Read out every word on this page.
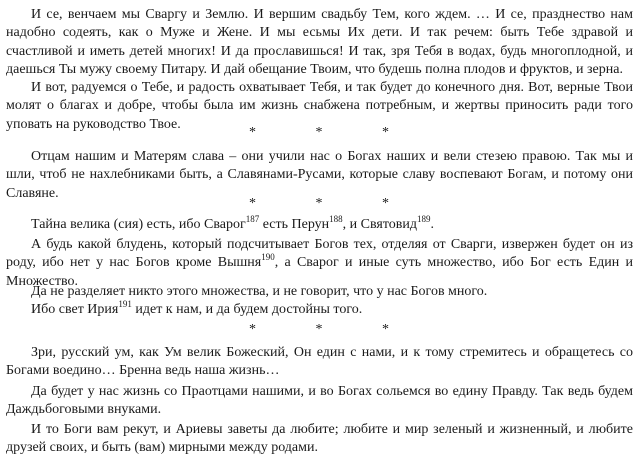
И се, венчаем мы Сваргу и Землю. И вершим свадьбу Тем, кого ждем. … И се, празднество нам надобно содеять, как о Муже и Жене. И мы есьмы Их дети. И так речем: быть Тебе здравой и счастливой и иметь детей многих! И да прославишься! И так, зря Тебя в водах, будь многоплодной, и даешься Ты мужу своему Питару. И дай обещание Твоим, что будешь полна плодов и фруктов, и зерна.

И вот, радуемся о Тебе, и радость охватывает Тебя, и так будет до конечного дня. Вот, верные Твои молят о благах и добре, чтобы была им жизнь снабжена потребным, и жертвы приносить ради того уповать на руководство Твое.

* * *

Отцам нашим и Матерям слава – они учили нас о Богах наших и вели стезею правою. Так мы и шли, чтоб не нахлебниками быть, а Славянами-Русами, которые славу воспевают Богам, и потому они Славяне.

* * *

Тайна велика (сия) есть, ибо Сварог$^{187}$ есть Перун$^{188}$, и Святовид$^{189}$.

А будь какой блудень, который подсчитывает Богов тех, отделяя от Сварги, извержен будет он из роду, ибо нет у нас Богов кроме Вышня$^{190}$, а Сварог и иные суть множество, ибо Бог есть Един и Множество.

Да не разделяет никто этого множества, и не говорит, что у нас Богов много.

Ибо свет Ирия$^{191}$ идет к нам, и да будем достойны того.

* * *

Зри, русский ум, как Ум велик Божеский, Он един с нами, и к тому стремитесь и обращетесь со Богами воедино… Бренна ведь наша жизнь…

Да будет у нас жизнь со Праотцами нашими, и во Богах сольемся во едину Правду. Так ведь будем Даждьбоговыми внуками.

И то Боги вам рекут, и Ариевы заветы да любите; любите и мир зеленый и жизненный, и любите друзей своих, и быть (вам) мирными между родами.
